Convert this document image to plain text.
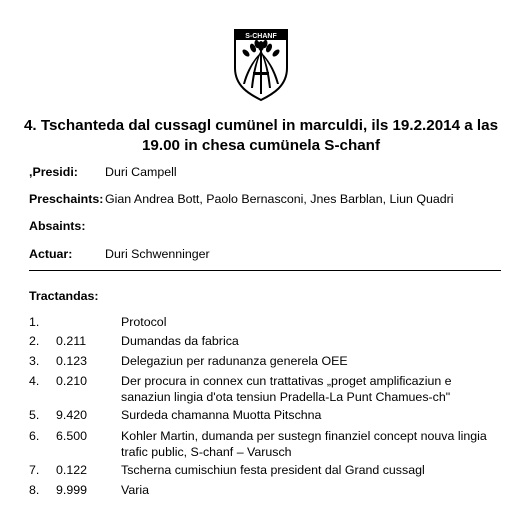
S-CHANF
4. Tschanteda dal cussagl cumünel in marculdi, ils 19.2.2014 a las 19.00 in chesa cumünela S-chanf
,Presidi: Duri Campell
Preschaints: Gian Andrea Bott, Paolo Bernasconi, Jnes Barblan, Liun Quadri
Absaints:
Actuar:	Duri Schwenninger
Tractandas:
1.	Protocol
2. 0.211	Dumandas da fabrica
3. 0.123	Delegaziun per radunanza generela OEE
4. 0.210	Der procura in connex cun trattativas „proget amplificaziun e sanaziun lingia d'ota tensiun Pradella-La Punt Chamues-ch"
5. 9.420	Surdeda chamanna Muotta Pitschna
6. 6.500	Kohler Martin, dumanda per sustegn finanziel concept nouva lingia trafic public, S-chanf – Varusch
7. 0.122	Tscherna cumischiun festa president dal Grand cussagl
8. 9.999	Varia
